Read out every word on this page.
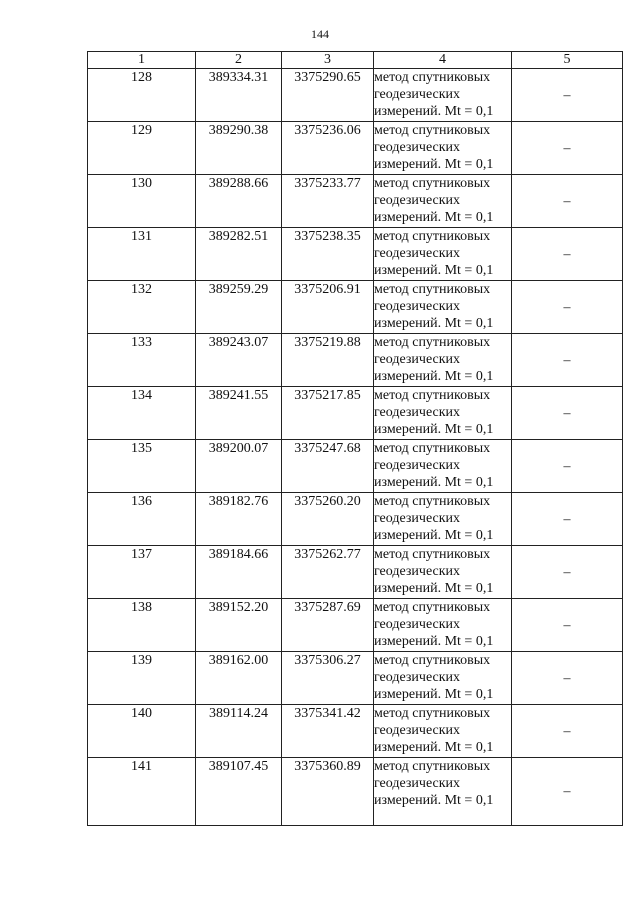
144
1	2	3	4	5
128	389334.31	3375290.65	метод спутниковых
геодезических
измерений. Mt = 0,1	–
129	389290.38	3375236.06	метод спутниковых
геодезических
измерений. Mt = 0,1	–
130	389288.66	3375233.77	метод спутниковых
геодезических
измерений. Mt = 0,1	–
131	389282.51	3375238.35	метод спутниковых
геодезических
измерений. Mt = 0,1	–
132	389259.29	3375206.91	метод спутниковых
геодезических
измерений. Mt = 0,1	–
133	389243.07	3375219.88	метод спутниковых
геодезических
измерений. Mt = 0,1	–
134	389241.55	3375217.85	метод спутниковых
геодезических
измерений. Mt = 0,1	–
135	389200.07	3375247.68	метод спутниковых
геодезических
измерений. Mt = 0,1	–
136	389182.76	3375260.20	метод спутниковых
геодезических
измерений. Mt = 0,1	–
137	389184.66	3375262.77	метод спутниковых
геодезических
измерений. Mt = 0,1	–
138	389152.20	3375287.69	метод спутниковых
геодезических
измерений. Mt = 0,1	–
139	389162.00	3375306.27	метод спутниковых
геодезических
измерений. Mt = 0,1	–
140	389114.24	3375341.42	метод спутниковых
геодезических
измерений. Mt = 0,1	–
141	389107.45	3375360.89	метод спутниковых
геодезических
измерений. Mt = 0,1	–
